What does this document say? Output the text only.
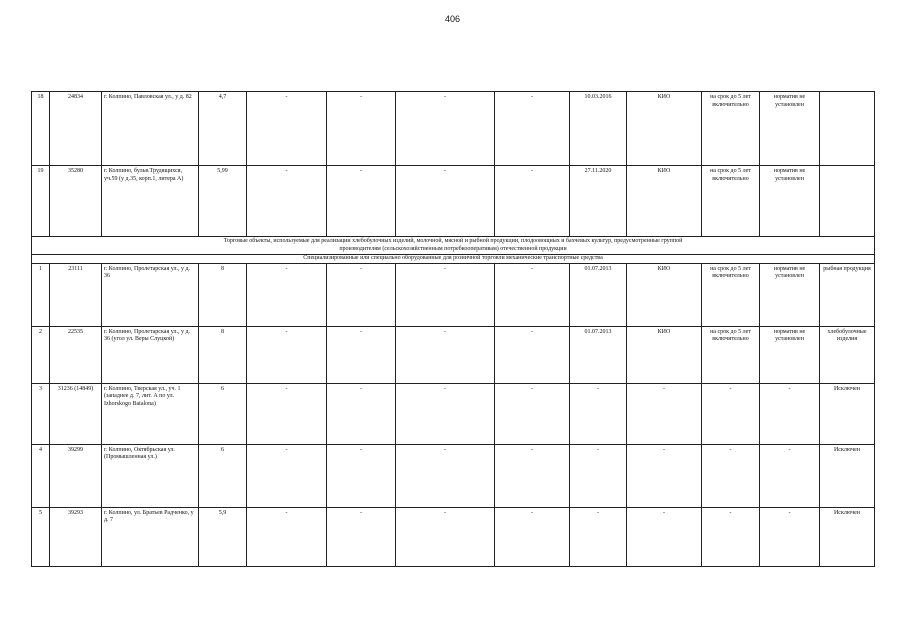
406
18	24834	г. Колпино, Павловская ул., у д. 82	4,7	-	-	-	-	10.03.2016	КИО	на срок до 5 лет включительно	норматив не установлен	
19	35280	г. Колпино, бульв.Трудящихся, уч.59 (у д.35, корп.1, литера А)	5,99	-	-	-	-	27.11.2020	КИО	на срок до 5 лет включительно	норматив не установлен	

Торговые объекты, используемые для реализации хлебобулочных изделий, молочной, мясной и рыбной продукции, плодоовощных и бахчевых культур, предусмотренные группой
производителям (сельскохозяйственным потребкооперативам) отечественной продукции												

Специализированные или специально оборудованные для розничной торговли механические транспортные средства												
1	23111	г. Колпино, Пролетарская ул., у д. 36	8	-	-	-	-	01.07.2013	КИО	на срок до 5 лет включительно	норматив не установлен	рыбная продукция
2	22535	г. Колпино, Пролетарская ул., у д. 36 (угол ул. Веры Слуцкой)	8	-	-	-	-	01.07.2013	КИО	на срок до 5 лет включительно	норматив не установлен	хлебобулочные изделия
3	31236 (14849)	г. Колпино, Тверская ул., уч. 1 (западнее д. 7, лит. А по ул. Izhorskogo Batalona)	6	-	-	-	-	-	-	-	-	Исключен
4	39299	г. Колпино, Октябрьская ул. (Промышленная ул.)	6	-	-	-	-	-	-	-	-	Исключен
5	39293	г. Колпино, ул. Братьев Радченко, у д. 7	5,9	-	-	-	-	-	-	-	-	Исключен
